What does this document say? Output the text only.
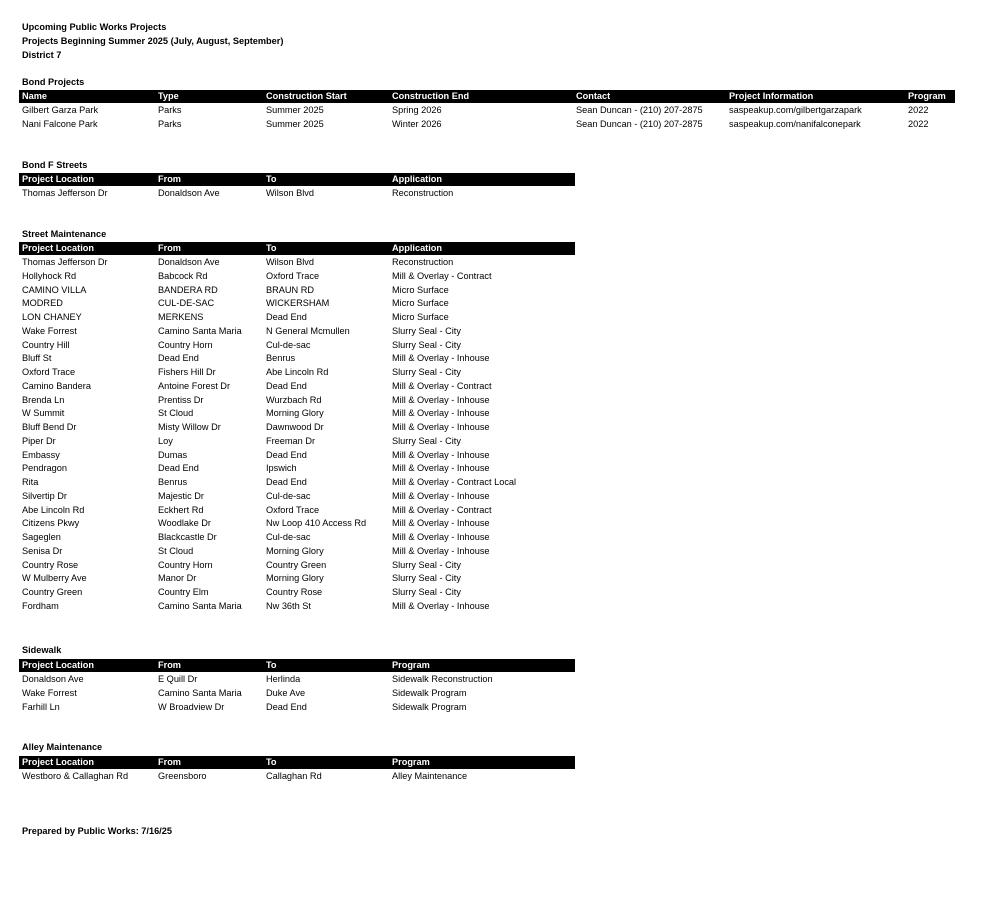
Upcoming Public Works Projects
Projects Beginning Summer 2025 (July, August, September)
District 7
Bond Projects
Name	Type	Construction Start	Construction End	Contact	Project Information	Program
Gilbert Garza Park	Parks	Summer 2025	Spring 2026	Sean Duncan - (210) 207-2875	saspeakup.com/gilbertgarzapark	2022
Nani Falcone Park	Parks	Summer 2025	Winter 2026	Sean Duncan - (210) 207-2875	saspeakup.com/nanifalconepark	2022
Bond F Streets
Project Location	From	To	Application
Thomas Jefferson Dr	Donaldson Ave	Wilson Blvd	Reconstruction
Street Maintenance
Project Location	From	To	Application
Thomas Jefferson Dr	Donaldson Ave	Wilson Blvd	Reconstruction
Hollyhock Rd	Babcock Rd	Oxford Trace	Mill & Overlay - Contract
CAMINO VILLA	BANDERA RD	BRAUN RD	Micro Surface
MODRED	CUL-DE-SAC	WICKERSHAM	Micro Surface
LON CHANEY	MERKENS	Dead End	Micro Surface
Wake Forrest	Camino Santa Maria	N General Mcmullen	Slurry Seal - City
Country Hill	Country Horn	Cul-de-sac	Slurry Seal - City
Bluff St	Dead End	Benrus	Mill & Overlay - Inhouse
Oxford Trace	Fishers Hill Dr	Abe Lincoln Rd	Slurry Seal - City
Camino Bandera	Antoine Forest Dr	Dead End	Mill & Overlay - Contract
Brenda Ln	Prentiss Dr	Wurzbach Rd	Mill & Overlay - Inhouse
W Summit	St Cloud	Morning Glory	Mill & Overlay - Inhouse
Bluff Bend Dr	Misty Willow Dr	Dawnwood Dr	Mill & Overlay - Inhouse
Piper Dr	Loy	Freeman Dr	Slurry Seal - City
Embassy	Dumas	Dead End	Mill & Overlay - Inhouse
Pendragon	Dead End	Ipswich	Mill & Overlay - Inhouse
Rita	Benrus	Dead End	Mill & Overlay - Contract Local
Silvertip Dr	Majestic Dr	Cul-de-sac	Mill & Overlay - Inhouse
Abe Lincoln Rd	Eckhert Rd	Oxford Trace	Mill & Overlay - Contract
Citizens Pkwy	Woodlake Dr	Nw Loop 410 Access Rd	Mill & Overlay - Inhouse
Sageglen	Blackcastle Dr	Cul-de-sac	Mill & Overlay - Inhouse
Senisa Dr	St Cloud	Morning Glory	Mill & Overlay - Inhouse
Country Rose	Country Horn	Country Green	Slurry Seal - City
W Mulberry Ave	Manor Dr	Morning Glory	Slurry Seal - City
Country Green	Country Elm	Country Rose	Slurry Seal - City
Fordham	Camino Santa Maria	Nw 36th St	Mill & Overlay - Inhouse
Sidewalk
Project Location	From	To	Program
Donaldson Ave	E Quill Dr	Herlinda	Sidewalk Reconstruction
Wake Forrest	Camino Santa Maria	Duke Ave	Sidewalk Program
Farhill Ln	W Broadview Dr	Dead End	Sidewalk Program
Alley Maintenance
Project Location	From	To	Program
Westboro & Callaghan Rd	Greensboro	Callaghan Rd	Alley Maintenance
Prepared by Public Works: 7/16/25
